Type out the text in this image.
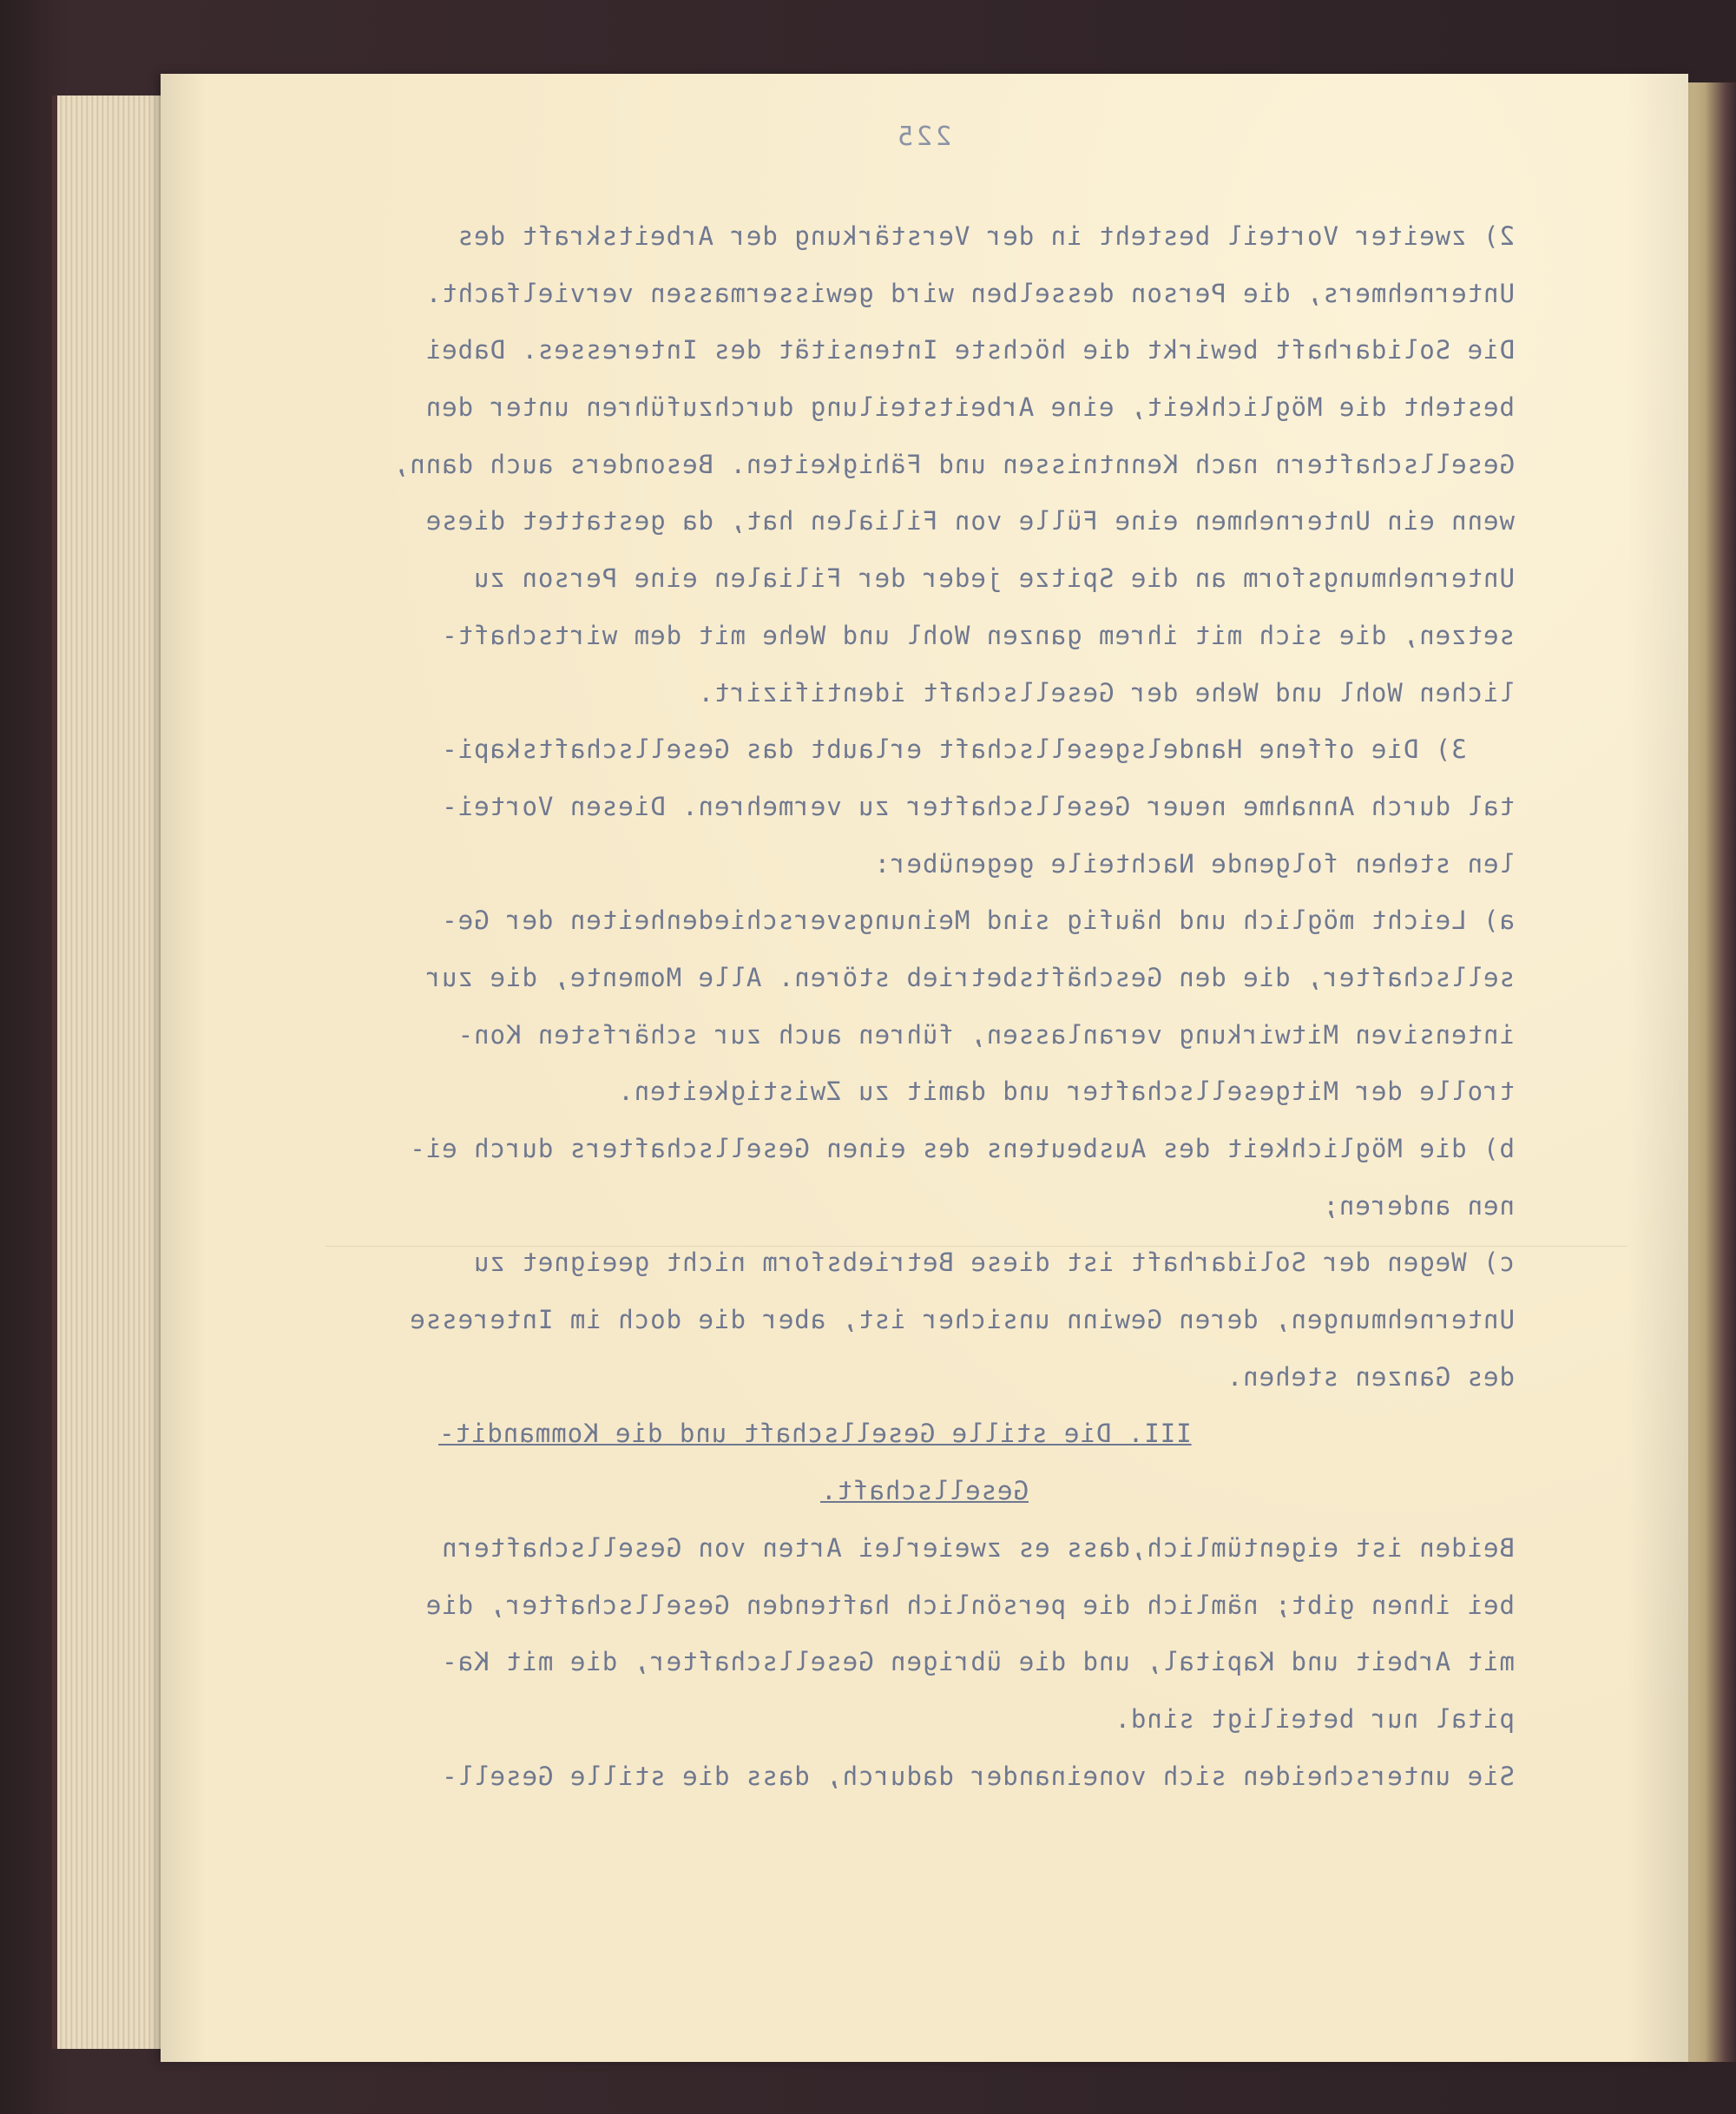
225
2) zweiter Vorteil besteht in der Verstärkung der Arbeitskraft des
Unternehmers, die Person desselben wird gewissermassen vervielfacht.
Die Solidarhaft bewirkt die höchste Intensität des Interesses. Dabei
besteht die Möglichkeit, eine Arbeitsteilung durchzuführen unter den
Gesellschaftern nach Kenntnissen und Fähigkeiten. Besonders auch dann,
wenn ein Unternehmen eine Fülle von Filialen hat, da gestattet diese
Unternehmungsform an die Spitze jeder der Filialen eine Person zu
setzen, die sich mit ihrem ganzen Wohl und Wehe mit dem wirtschaft-
lichen Wohl und Wehe der Gesellschaft identifizirt.
3) Die offene Handelsgesellschaft erlaubt das Gesellschaftskapi-
tal durch Annahme neuer Gesellschafter zu vermehren. Diesen Vortei-
len stehen folgende Nachteile gegenüber:
a) Leicht möglich und häufig sind Meinungsverschiedenheiten der Ge-
sellschafter, die den Geschäftsbetrieb stören. Alle Momente, die zur
intensiven Mitwirkung veranlassen, führen auch zur schärfsten Kon-
trolle der Mitgesellschafter und damit zu Zwistigkeiten.
b) die Möglichkeit des Ausbeutens des einen Gesellschafters durch ei-
nen anderen;
c) Wegen der Solidarhaft ist diese Betriebsform nicht geeignet zu
Unternehmungen, deren Gewinn unsicher ist, aber die doch im Interesse
des Ganzen stehen.
III. Die stille Gesellschaft und die Kommandit-
Gesellschaft.
Beiden ist eigentümlich,dass es zweierlei Arten von Gesellschaftern
bei ihnen gibt; nämlich die persönlich haftenden Gesellschafter, die
mit Arbeit und Kapital, und die übrigen Gesellschafter, die mit Ka-
pital nur beteiligt sind.
Sie unterscheiden sich voneinander dadurch, dass die stille Gesell-
